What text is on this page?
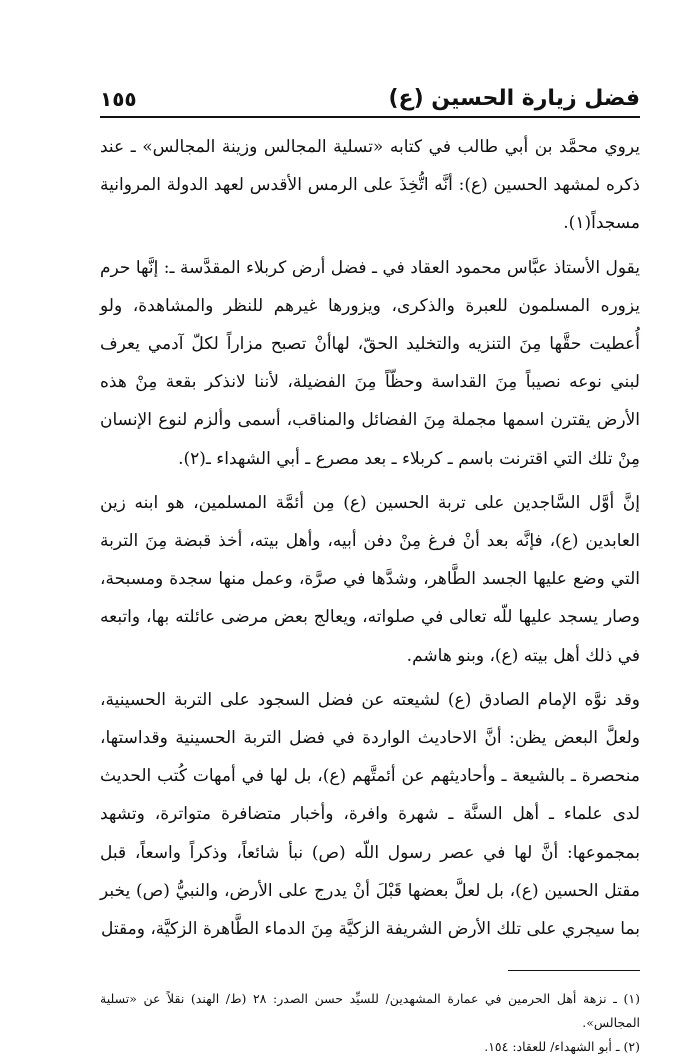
فضل زيارة الحسين (ع)
١٥٥

يروي محمَّد بن أبي طالب في كتابه «تسلية المجالس وزينة المجالس» ـ عند ذكره لمشهد الحسين (ع): أنَّه اتُّخِذَ على الرمس الأقدس لعهد الدولة المروانية مسجداً(١).

يقول الأستاذ عبَّاس محمود العقاد في ـ فضل أرض كربلاء المقدَّسة ـ: إنَّها حرم يزوره المسلمون للعبرة والذكرى، ويزورها غيرهم للنظر والمشاهدة، ولو أُعطيت حقَّها مِنَ التنزيه والتخليد الحقّ، لهاأنْ تصبح مزاراً لكلّ آدمي يعرف لبني نوعه نصيباً مِنَ القداسة وحظّاً مِنَ الفضيلة، لأننا لانذكر بقعة مِنْ هذه الأرض يقترن اسمها مجملة مِنَ الفضائل والمناقب، أسمى وألزم لنوع الإنسان مِنْ تلك التي اقترنت باسم ـ كربلاء ـ بعد مصرع ـ أبي الشهداء ـ(٢).

إنَّ أوَّل السَّاجدين على تربة الحسين (ع) مِن أئمَّة المسلمين، هو ابنه زين العابدين (ع)، فإنَّه بعد أنْ فرغ مِنْ دفن أبيه، وأهل بيته، أخذ قبضة مِنَ التربة التي وضع عليها الجسد الطَّاهر، وشدَّها في صرَّة، وعمل منها سجدة ومسبحة، وصار يسجد عليها للّه تعالى في صلواته، ويعالج بعض مرضى عائلته بها، واتبعه في ذلك أهل بيته (ع)، وبنو هاشم.

وقد نوَّه الإمام الصادق (ع) لشيعته عن فضل السجود على التربة الحسينية، ولعلَّ البعض يظن: أنَّ الاحاديث الواردة في فضل التربة الحسينية وقداستها، منحصرة ـ بالشيعة ـ وأحاديثهم عن أئمتَّهم (ع)، بل لها في أمهات كُتب الحديث لدى علماء ـ أهل السنَّة ـ شهرة وافرة، وأخبار متضافرة متواترة، وتشهد بمجموعها: أنَّ لها في عصر رسول اللّه (ص) نبأ شائعاً، وذكراً واسعاً، قبل مقتل الحسين (ع)، بل لعلَّ بعضها قَبْلَ أنْ يدرج على الأرض، والنبيُّ (ص) يخبر بما سيجري على تلك الأرض الشريفة الزكيَّة مِنَ الدماء الطَّاهرة الزكيَّة، ومقتل

(١) ـ نزهة أهل الحرمين في عمارة المشهدين/ للسيِّد حسن الصدر: ٢٨ (ط/ الهند) نقلاً عن «تسلية المجالس».

(٢) ـ أبو الشهداء/ للعقاد: ١٥٤.
